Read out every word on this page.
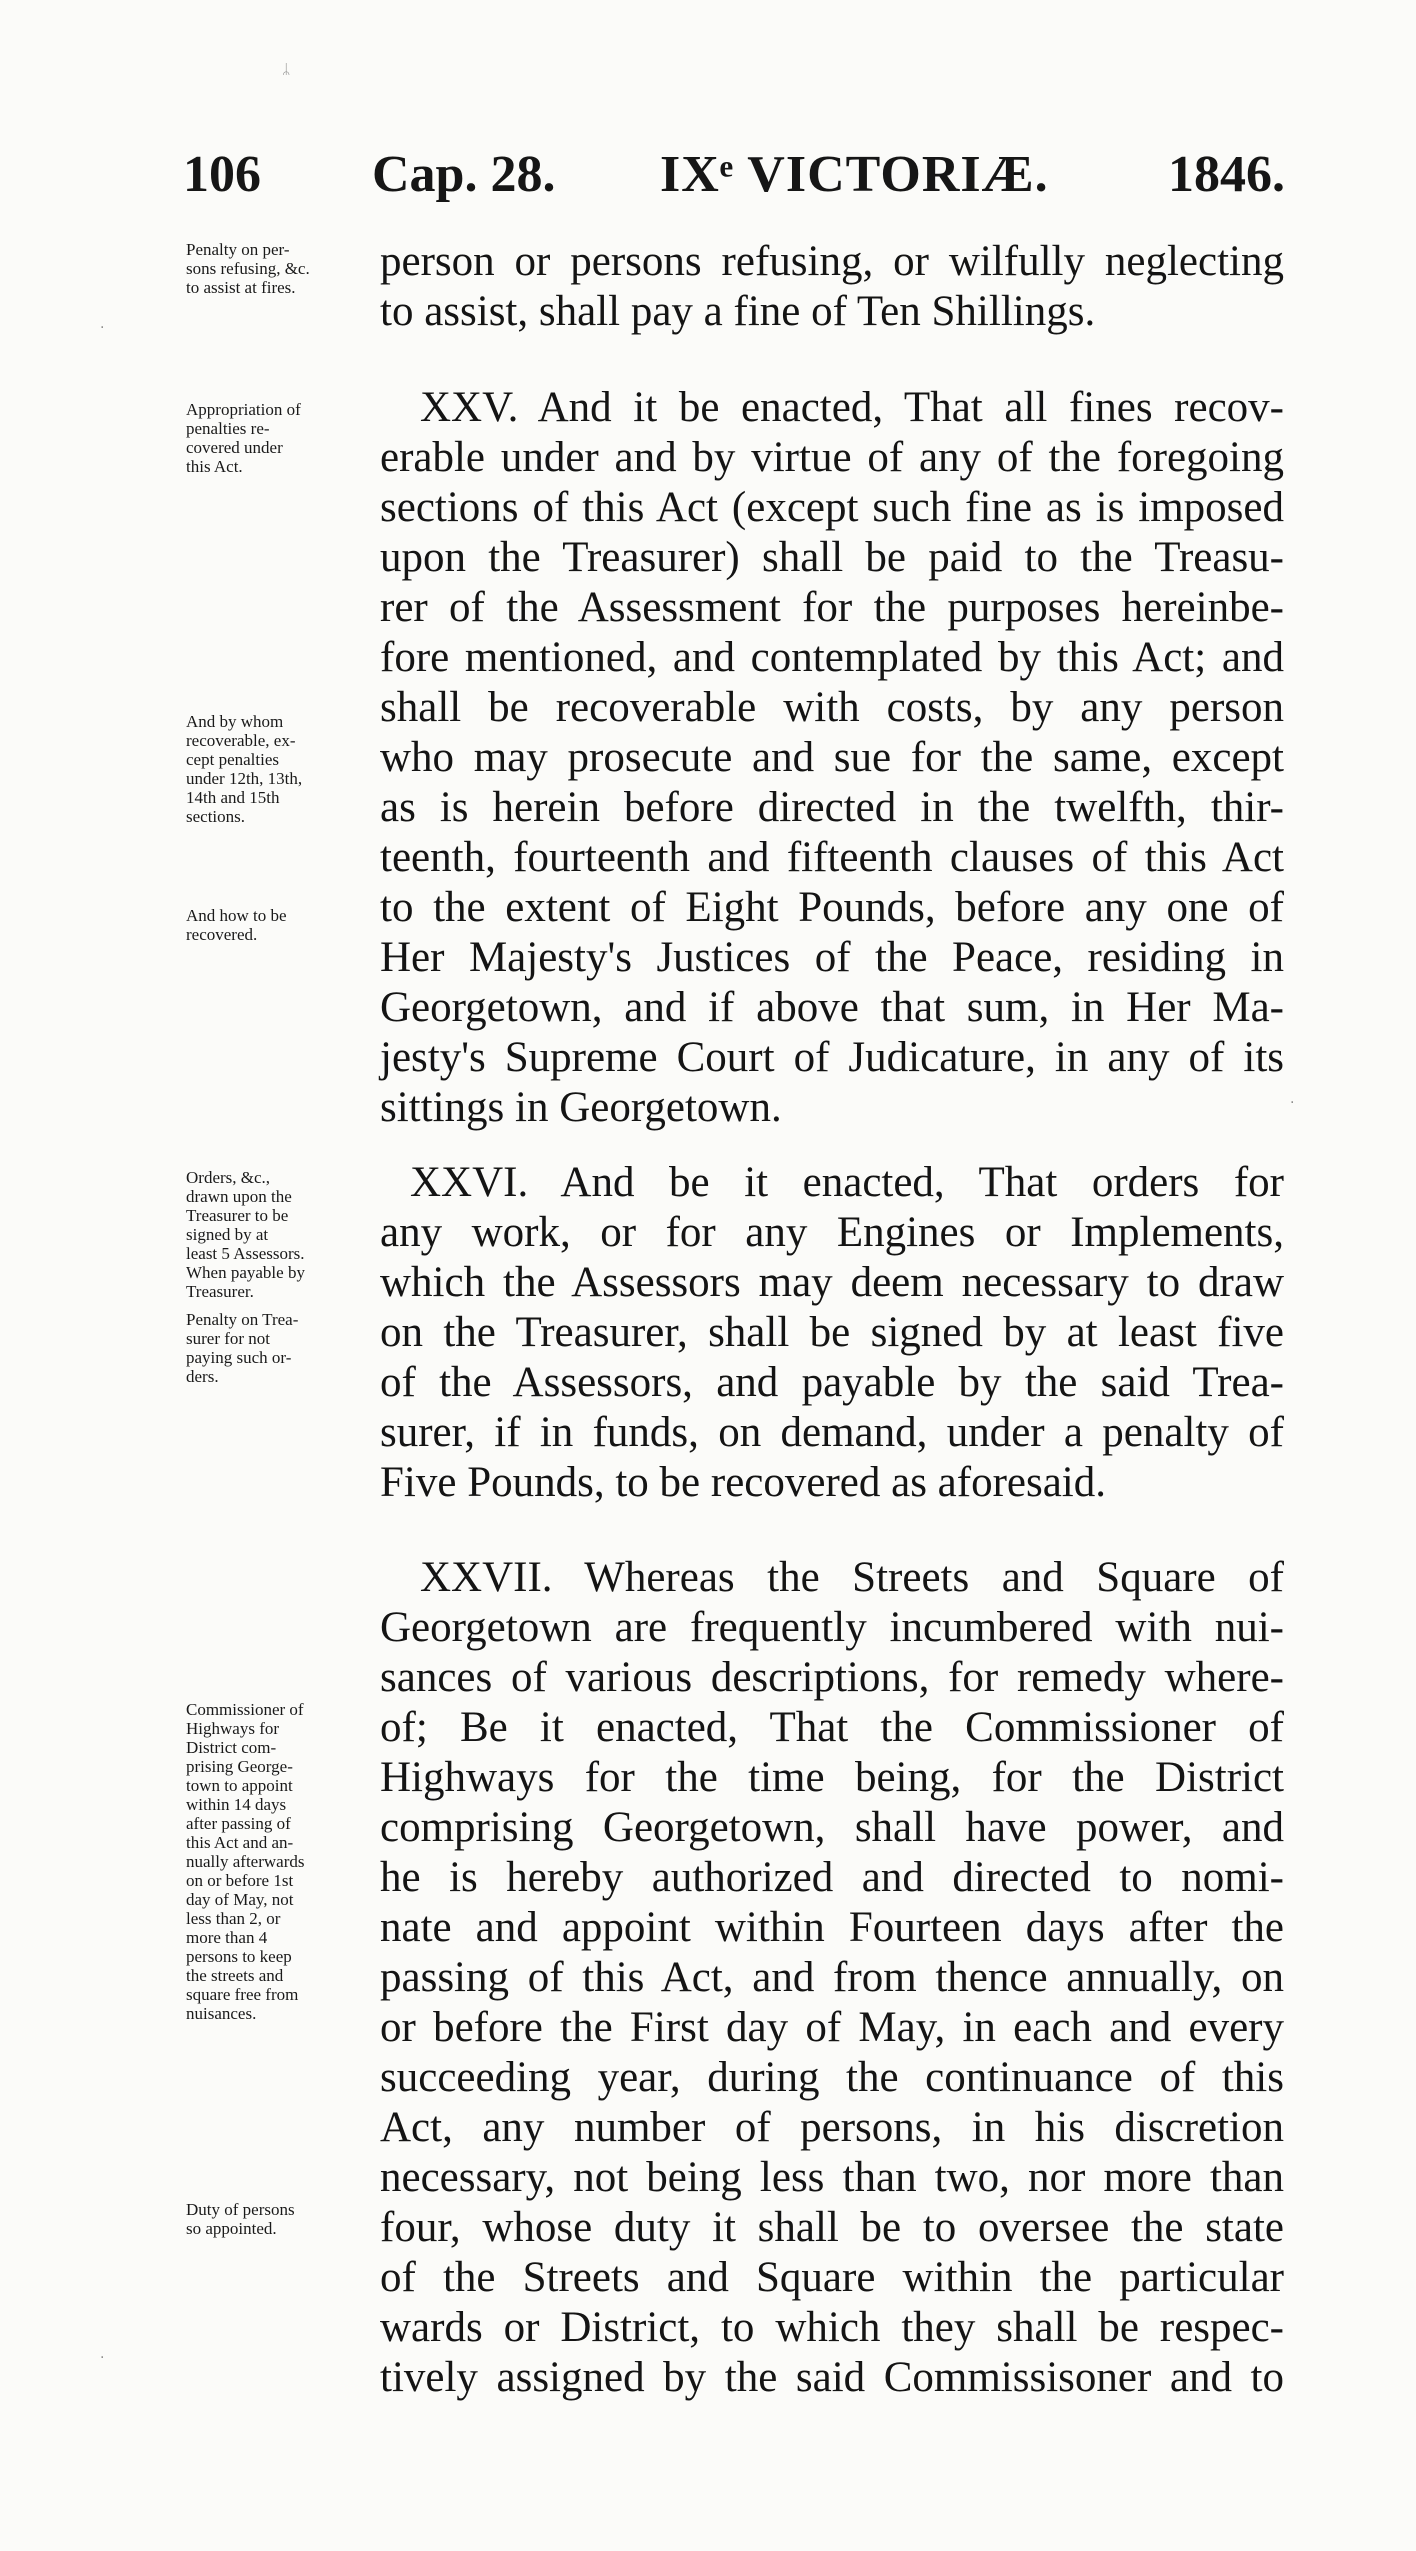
106 Cap. 28. IXᵉ VICTORIÆ. 1846.
Penalty on per-
sons refusing, &c.
to assist at fires.
Appropriation of
penalties re-
covered under
this Act.
And by whom
recoverable, ex-
cept penalties
under 12th, 13th,
14th and 15th
sections.
And how to be
recovered.
Orders, &c.,
drawn upon the
Treasurer to be
signed by at
least 5 Assessors.
When payable by
Treasurer.
Penalty on Trea-
surer for not
paying such or-
ders.
Commissioner of
Highways for
District com-
prising George-
town to appoint
within 14 days
after passing of
this Act and an-
nually afterwards
on or before 1st
day of May, not
less than 2, or
more than 4
persons to keep
the streets and
square free from
nuisances.
Duty of persons
so appointed.
person or persons refusing, or wilfully neglecting
to assist, shall pay a fine of Ten Shillings.
XXV. And it be enacted, That all fines recov-
erable under and by virtue of any of the foregoing
sections of this Act (except such fine as is imposed
upon the Treasurer) shall be paid to the Treasu-
rer of the Assessment for the purposes hereinbe-
fore mentioned, and contemplated by this Act; and
shall be recoverable with costs, by any person
who may prosecute and sue for the same, except
as is herein before directed in the twelfth, thir-
teenth, fourteenth and fifteenth clauses of this Act
to the extent of Eight Pounds, before any one of
Her Majesty's Justices of the Peace, residing in
Georgetown, and if above that sum, in Her Ma-
jesty's Supreme Court of Judicature, in any of its
sittings in Georgetown.
XXVI. And be it enacted, That orders for
any work, or for any Engines or Implements,
which the Assessors may deem necessary to draw
on the Treasurer, shall be signed by at least five
of the Assessors, and payable by the said Trea-
surer, if in funds, on demand, under a penalty of
Five Pounds, to be recovered as aforesaid.
XXVII. Whereas the Streets and Square of
Georgetown are frequently incumbered with nui-
sances of various descriptions, for remedy where-
of; Be it enacted, That the Commissioner of
Highways for the time being, for the District
comprising Georgetown, shall have power, and
he is hereby authorized and directed to nomi-
nate and appoint within Fourteen days after the
passing of this Act, and from thence annually, on
or before the First day of May, in each and every
succeeding year, during the continuance of this
Act, any number of persons, in his discretion
necessary, not being less than two, nor more than
four, whose duty it shall be to oversee the state
of the Streets and Square within the particular
wards or District, to which they shall be respec-
tively assigned by the said Commissisoner and to
ᛦ
·
·
·
